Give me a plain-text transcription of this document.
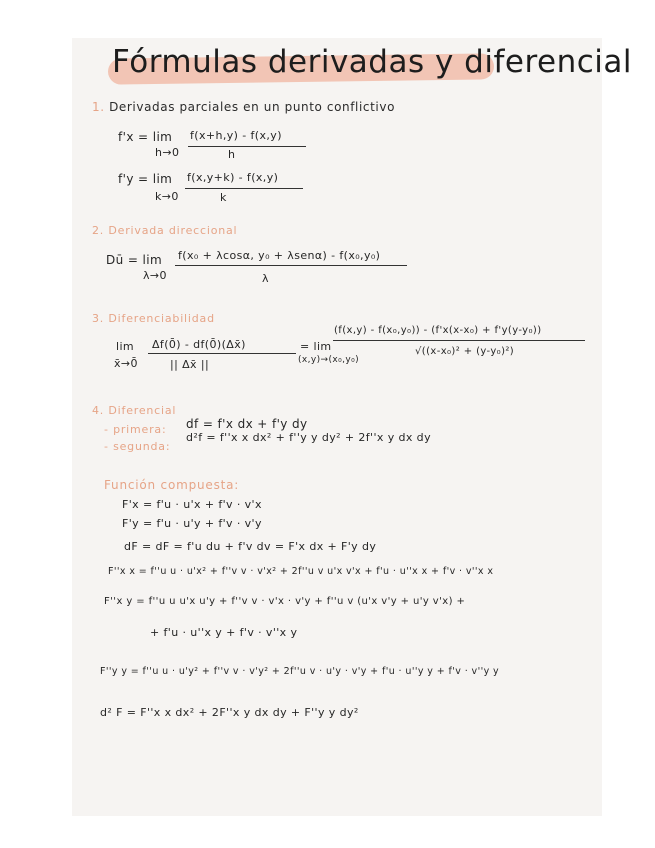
Fórmulas derivadas y diferencial
1. Derivadas parciales en un punto conflictivo
f'x = lim
h→0
f(x+h,y) - f(x,y)
h
f'y = lim
k→0
f(x,y+k) - f(x,y)
k
2. Derivada direccional
Dū = lim
λ→0
f(x₀ + λcosα, y₀ + λsenα) - f(x₀,y₀)
λ
3. Diferenciabilidad
lim
x̄→0̄
Δf(0̄) - df(0̄)(Δx̄)
|| Δx̄ ||
= lim
(x,y)→(x₀,y₀)
(f(x,y) - f(x₀,y₀)) - (f'x(x-x₀) + f'y(y-y₀))
√((x-x₀)² + (y-y₀)²)
4. Diferencial
- primera: df = f'x dx + f'y dy
- segunda:
d²f = f''x x dx² + f''y y dy² + 2f''x y dx dy
Función compuesta:
F'x = f'u · u'x + f'v · v'x
F'y = f'u · u'y + f'v · v'y
dF = dF = f'u du + f'v dv = F'x dx + F'y dy
F''x x = f''u u · u'x² + f''v v · v'x² + 2f''u v u'x v'x + f'u · u''x x + f'v · v''x x
F''x y = f''u u u'x u'y + f''v v · v'x · v'y + f''u v (u'x v'y + u'y v'x) +
+ f'u · u''x y + f'v · v''x y
F''y y = f''u u · u'y² + f''v v · v'y² + 2f''u v · u'y · v'y + f'u · u''y y + f'v · v''y y
d² F = F''x x dx² + 2F''x y dx dy + F''y y dy²
